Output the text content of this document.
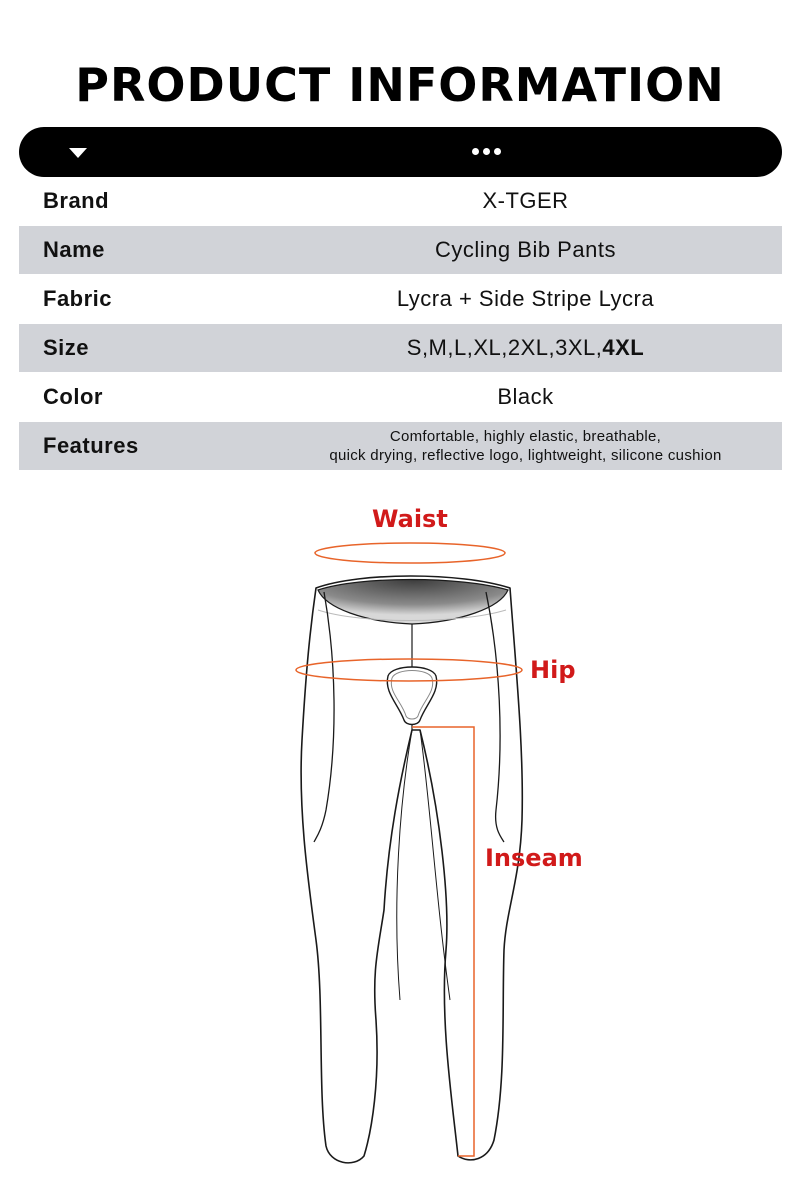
PRODUCT INFORMATION
Brand	X-TGER
Name	Cycling Bib Pants
Fabric	Lycra + Side Stripe Lycra
Size	S,M,L,XL,2XL,3XL,4XL
Color	Black
Features	Comfortable, highly elastic, breathable,
quick drying, reflective logo, lightweight, silicone cushion
Waist
Hip
Inseam
